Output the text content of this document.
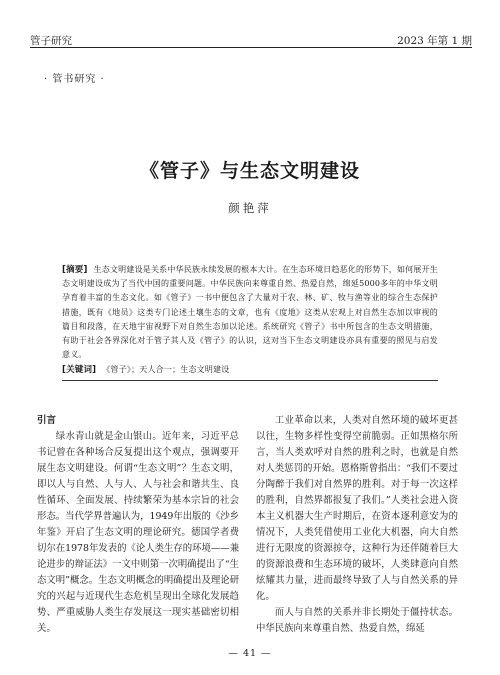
管子研究	2023 年第 1 期
· 管书研究 ·
《管子》与生态文明建设
颜艳萍
[摘要] 生态文明建设是关系中华民族永续发展的根本大计。在生态环境日趋恶化的形势下，如何展开生态文明建设成为了当代中国的重要问题。中华民族向来尊重自然、热爱自然，绵延5000多年的中华文明孕育着丰富的生态文化。如《管子》一书中便包含了大量对于农、林、矿、牧与渔等业的综合生态保护措施，既有《地员》这类专门论述土壤生态的文章，也有《度地》这类从宏观上对自然生态加以审视的篇目和段落，在天地宇宙视野下对自然生态加以论述。系统研究《管子》书中所包含的生态文明措施，有助于社会各界深化对于管子其人及《管子》的认识，这对当下生态文明建设亦具有重要的照见与启发意义。
[关键词] 《管子》；天人合一；生态文明建设

引言

绿水青山就是金山银山。近年来，习近平总书记曾在各种场合反复提出这个观点，强调要开展生态文明建设。何谓“生态文明”？生态文明，即以人与自然、人与人、人与社会和谐共生、良性循环、全面发展、持续繁荣为基本宗旨的社会形态。当代学界普遍认为，1949年出版的《沙乡年鉴》开启了生态文明的理论研究。德国学者费切尔在1978年发表的《论人类生存的环境——兼论进步的辩证法》一文中则第一次明确提出了“生态文明”概念。生态文明概念的明确提出及理论研究的兴起与近现代生态危机呈现出全球化发展趋势、严重威胁人类生存发展这一现实基础密切相关。

工业革命以来，人类对自然环境的破坏更甚以往，生物多样性变得空前脆弱。正如黑格尔所言，当人类欢呼对自然的胜利之时，也就是自然对人类惩罚的开始。恩格斯曾指出：“我们不要过分陶醉于我们对自然界的胜利。对于每一次这样的胜利，自然界都报复了我们。”人类社会进入资本主义机器大生产时期后，在资本逐利意安为的情况下，人类凭借使用工业化大机器，向大自然进行无限度的资源掠夺，这种行为还伴随着巨大的资源浪费和生态环境的破坏，人类肆意向自然炫耀其力量，进而最终导致了人与自然关系的异化。

而人与自然的关系并非长期处于僵持状态。中华民族向来尊重自然、热爱自然，绵延

— 41 —
